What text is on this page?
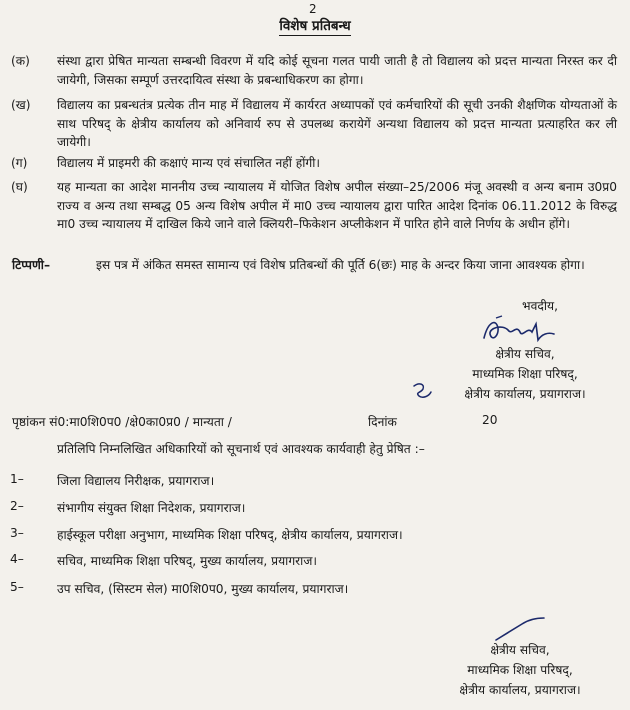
2
विशेष प्रतिबन्ध
(क) संस्था द्वारा प्रेषित मान्यता सम्बन्धी विवरण में यदि कोई सूचना गलत पायी जाती है तो विद्यालय को प्रदत्त मान्यता निरस्त कर दी जायेगी, जिसका सम्पूर्ण उत्तरदायित्व संस्था के प्रबन्धाधिकरण का होगा।
(ख) विद्यालय का प्रबन्धतंत्र प्रत्येक तीन माह में विद्यालय में कार्यरत अध्यापकों एवं कर्मचारियों की सूची उनकी शैक्षणिक योग्यताओं के साथ परिषद् के क्षेत्रीय कार्यालय को अनिवार्य रुप से उपलब्ध करायेगें अन्यथा विद्यालय को प्रदत्त मान्यता प्रत्याहरित कर ली जायेगी।
(ग) विद्यालय में प्राइमरी की कक्षाएं मान्य एवं संचालित नहीं होंगी।
(घ) यह मान्यता का आदेश माननीय उच्च न्यायालय में योजित विशेष अपील संख्या–25/2006 मंजू अवस्थी व अन्य बनाम उ0प्र0 राज्य व अन्य तथा सम्बद्ध 05 अन्य विशेष अपील में मा0 उच्च न्यायालय द्वारा पारित आदेश दिनांक 06.11.2012 के विरुद्ध मा0 उच्च न्यायालय में दाखिल किये जाने वाले क्लियरी–फिकेशन अप्लीकेशन में पारित होने वाले निर्णय के अधीन होंगे।
टिप्पणी–	इस पत्र में अंकित समस्त सामान्य एवं विशेष प्रतिबन्धों की पूर्ति 6(छः) माह के अन्दर किया जाना आवश्यक होगा।
भवदीय,
क्षेत्रीय सचिव,
माध्यमिक शिक्षा परिषद्,
क्षेत्रीय कार्यालय, प्रयागराज।
पृष्ठांकन सं0:मा0शि0प0 /क्षे0का0प्र0 / मान्यता /	दिनांक	20
प्रतिलिपि निम्नलिखित अधिकारियों को सूचनार्थ एवं आवश्यक कार्यवाही हेतु प्रेषित :–
1–	जिला विद्यालय निरीक्षक, प्रयागराज।
2–	संभागीय संयुक्त शिक्षा निदेशक, प्रयागराज।
3–	हाईस्कूल परीक्षा अनुभाग, माध्यमिक शिक्षा परिषद्, क्षेत्रीय कार्यालय, प्रयागराज।
4–	सचिव, माध्यमिक शिक्षा परिषद्, मुख्य कार्यालय, प्रयागराज।
5–	उप सचिव, (सिस्टम सेल) मा0शि0प0, मुख्य कार्यालय, प्रयागराज।
क्षेत्रीय सचिव,
माध्यमिक शिक्षा परिषद्,
क्षेत्रीय कार्यालय, प्रयागराज।
